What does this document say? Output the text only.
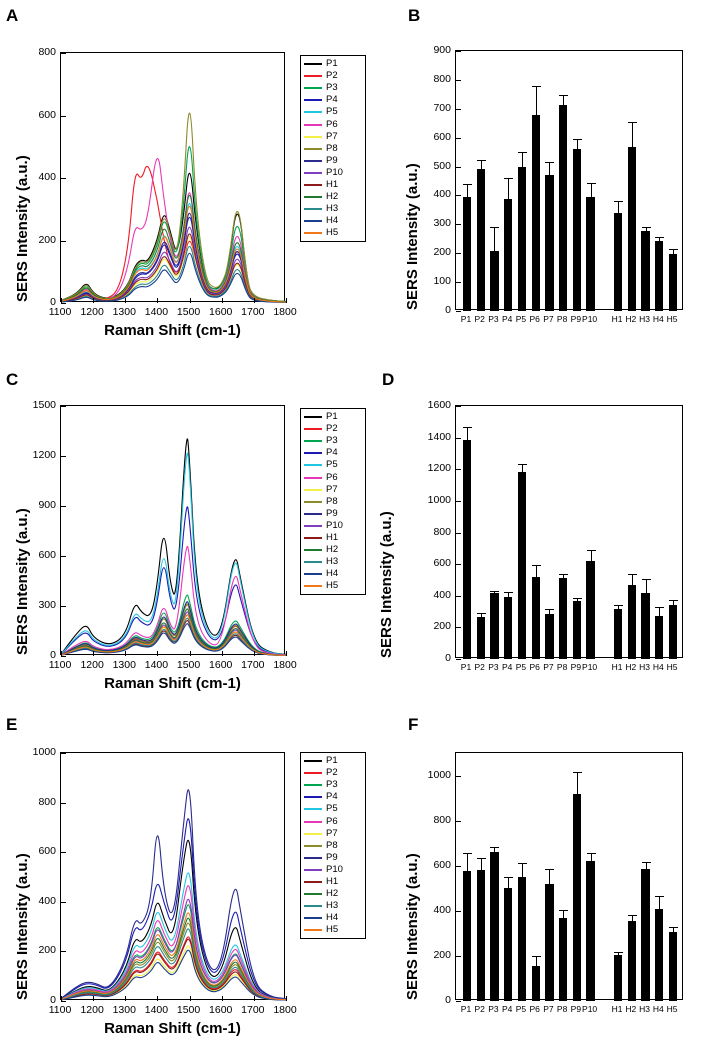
A
1100 1200 1300 1400 1500 1600 1700 1800
0
200
400
600
800
Raman Shift (cm-1)
SERS Intensity (a.u.)
P1
P2
P3
P4
P5
P6
P7
P8
P9
P10
H1
H2
H3
H4
H5
B
0
100
200
300
400
500
600
700
800
900
P1 P2 P3 P4 P5 P6 P7 P8 P9 P10	H1 H2 H3 H4 H5
SERS Intensity (a.u.)
C
1100 1200 1300 1400 1500 1600 1700 1800
0
300
600
900
1200
1500
Raman Shift (cm-1)
SERS Intensity (a.u.)
P1
P2
P3
P4
P5
P6
P7
P8
P9
P10
H1
H2
H3
H4
H5
D
0
200
400
600
800
1000
1200
1400
1600
P1 P2 P3 P4 P5 P6 P7 P8 P9 P10	H1 H2 H3 H4 H5
SERS Intensity (a.u.)
E
1100 1200 1300 1400 1500 1600 1700 1800
0
200
400
600
800
1000
Raman Shift (cm-1)
SERS Intensity (a.u.)
P1
P2
P3
P4
P5
P6
P7
P8
P9
P10
H1
H2
H3
H4
H5
F
0
200
400
600
800
1000
P1 P2 P3 P4 P5 P6 P7 P8 P9 P10	H1 H2 H3 H4 H5
SERS Intensity (a.u.)
